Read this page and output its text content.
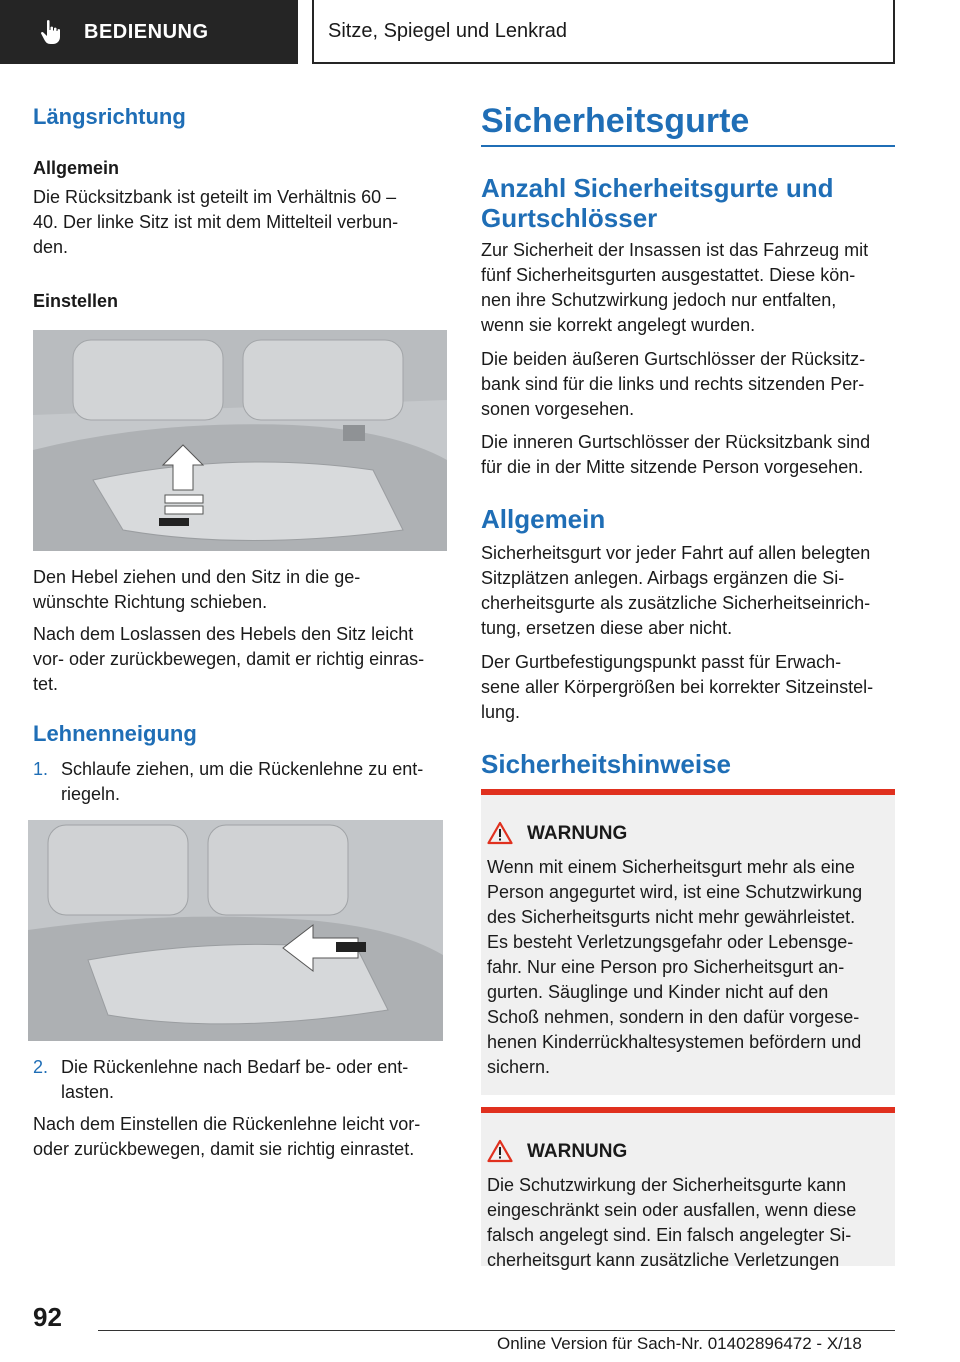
BEDIENUNG	Sitze, Spiegel und Lenkrad
Längsrichtung
Allgemein

Die Rücksitzbank ist geteilt im Verhältnis 60 –

40. Der linke Sitz ist mit dem Mittelteil verbun-

den.

Einstellen

Den Hebel ziehen und den Sitz in die ge-

wünschte Richtung schieben.

Nach dem Loslassen des Hebels den Sitz leicht

vor- oder zurückbewegen, damit er richtig einras-

tet.

Lehnenneigung
1. Schlaufe ziehen, um die Rückenlehne zu ent-

riegeln.

2. Die Rückenlehne nach Bedarf be- oder ent-

lasten.

Nach dem Einstellen die Rückenlehne leicht vor-

oder zurückbewegen, damit sie richtig einrastet.

Sicherheitsgurte
Anzahl Sicherheitsgurte und
Gurtschlösser

Zur Sicherheit der Insassen ist das Fahrzeug mit

fünf Sicherheitsgurten ausgestattet. Diese kön-

nen ihre Schutzwirkung jedoch nur entfalten,

wenn sie korrekt angelegt wurden.

Die beiden äußeren Gurtschlösser der Rücksitz-

bank sind für die links und rechts sitzenden Per-

sonen vorgesehen.

Die inneren Gurtschlösser der Rücksitzbank sind

für die in der Mitte sitzende Person vorgesehen.

Allgemein

Sicherheitsgurt vor jeder Fahrt auf allen belegten

Sitzplätzen anlegen. Airbags ergänzen die Si-

cherheitsgurte als zusätzliche Sicherheitseinrich-

tung, ersetzen diese aber nicht.

Der Gurtbefestigungspunkt passt für Erwach-

sene aller Körpergrößen bei korrekter Sitzeinstel-

lung.

Sicherheitshinweise
WARNUNG

Wenn mit einem Sicherheitsgurt mehr als eine

Person angegurtet wird, ist eine Schutzwirkung

des Sicherheitsgurts nicht mehr gewährleistet.

Es besteht Verletzungsgefahr oder Lebensge-

fahr. Nur eine Person pro Sicherheitsgurt an-

gurten. Säuglinge und Kinder nicht auf den

Schoß nehmen, sondern in den dafür vorgese-

henen Kinderrückhaltesystemen befördern und

sichern.

WARNUNG

Die Schutzwirkung der Sicherheitsgurte kann

eingeschränkt sein oder ausfallen, wenn diese

falsch angelegt sind. Ein falsch angelegter Si-

cherheitsgurt kann zusätzliche Verletzungen

92
Online Version für Sach-Nr. 01402896472 - X/18
